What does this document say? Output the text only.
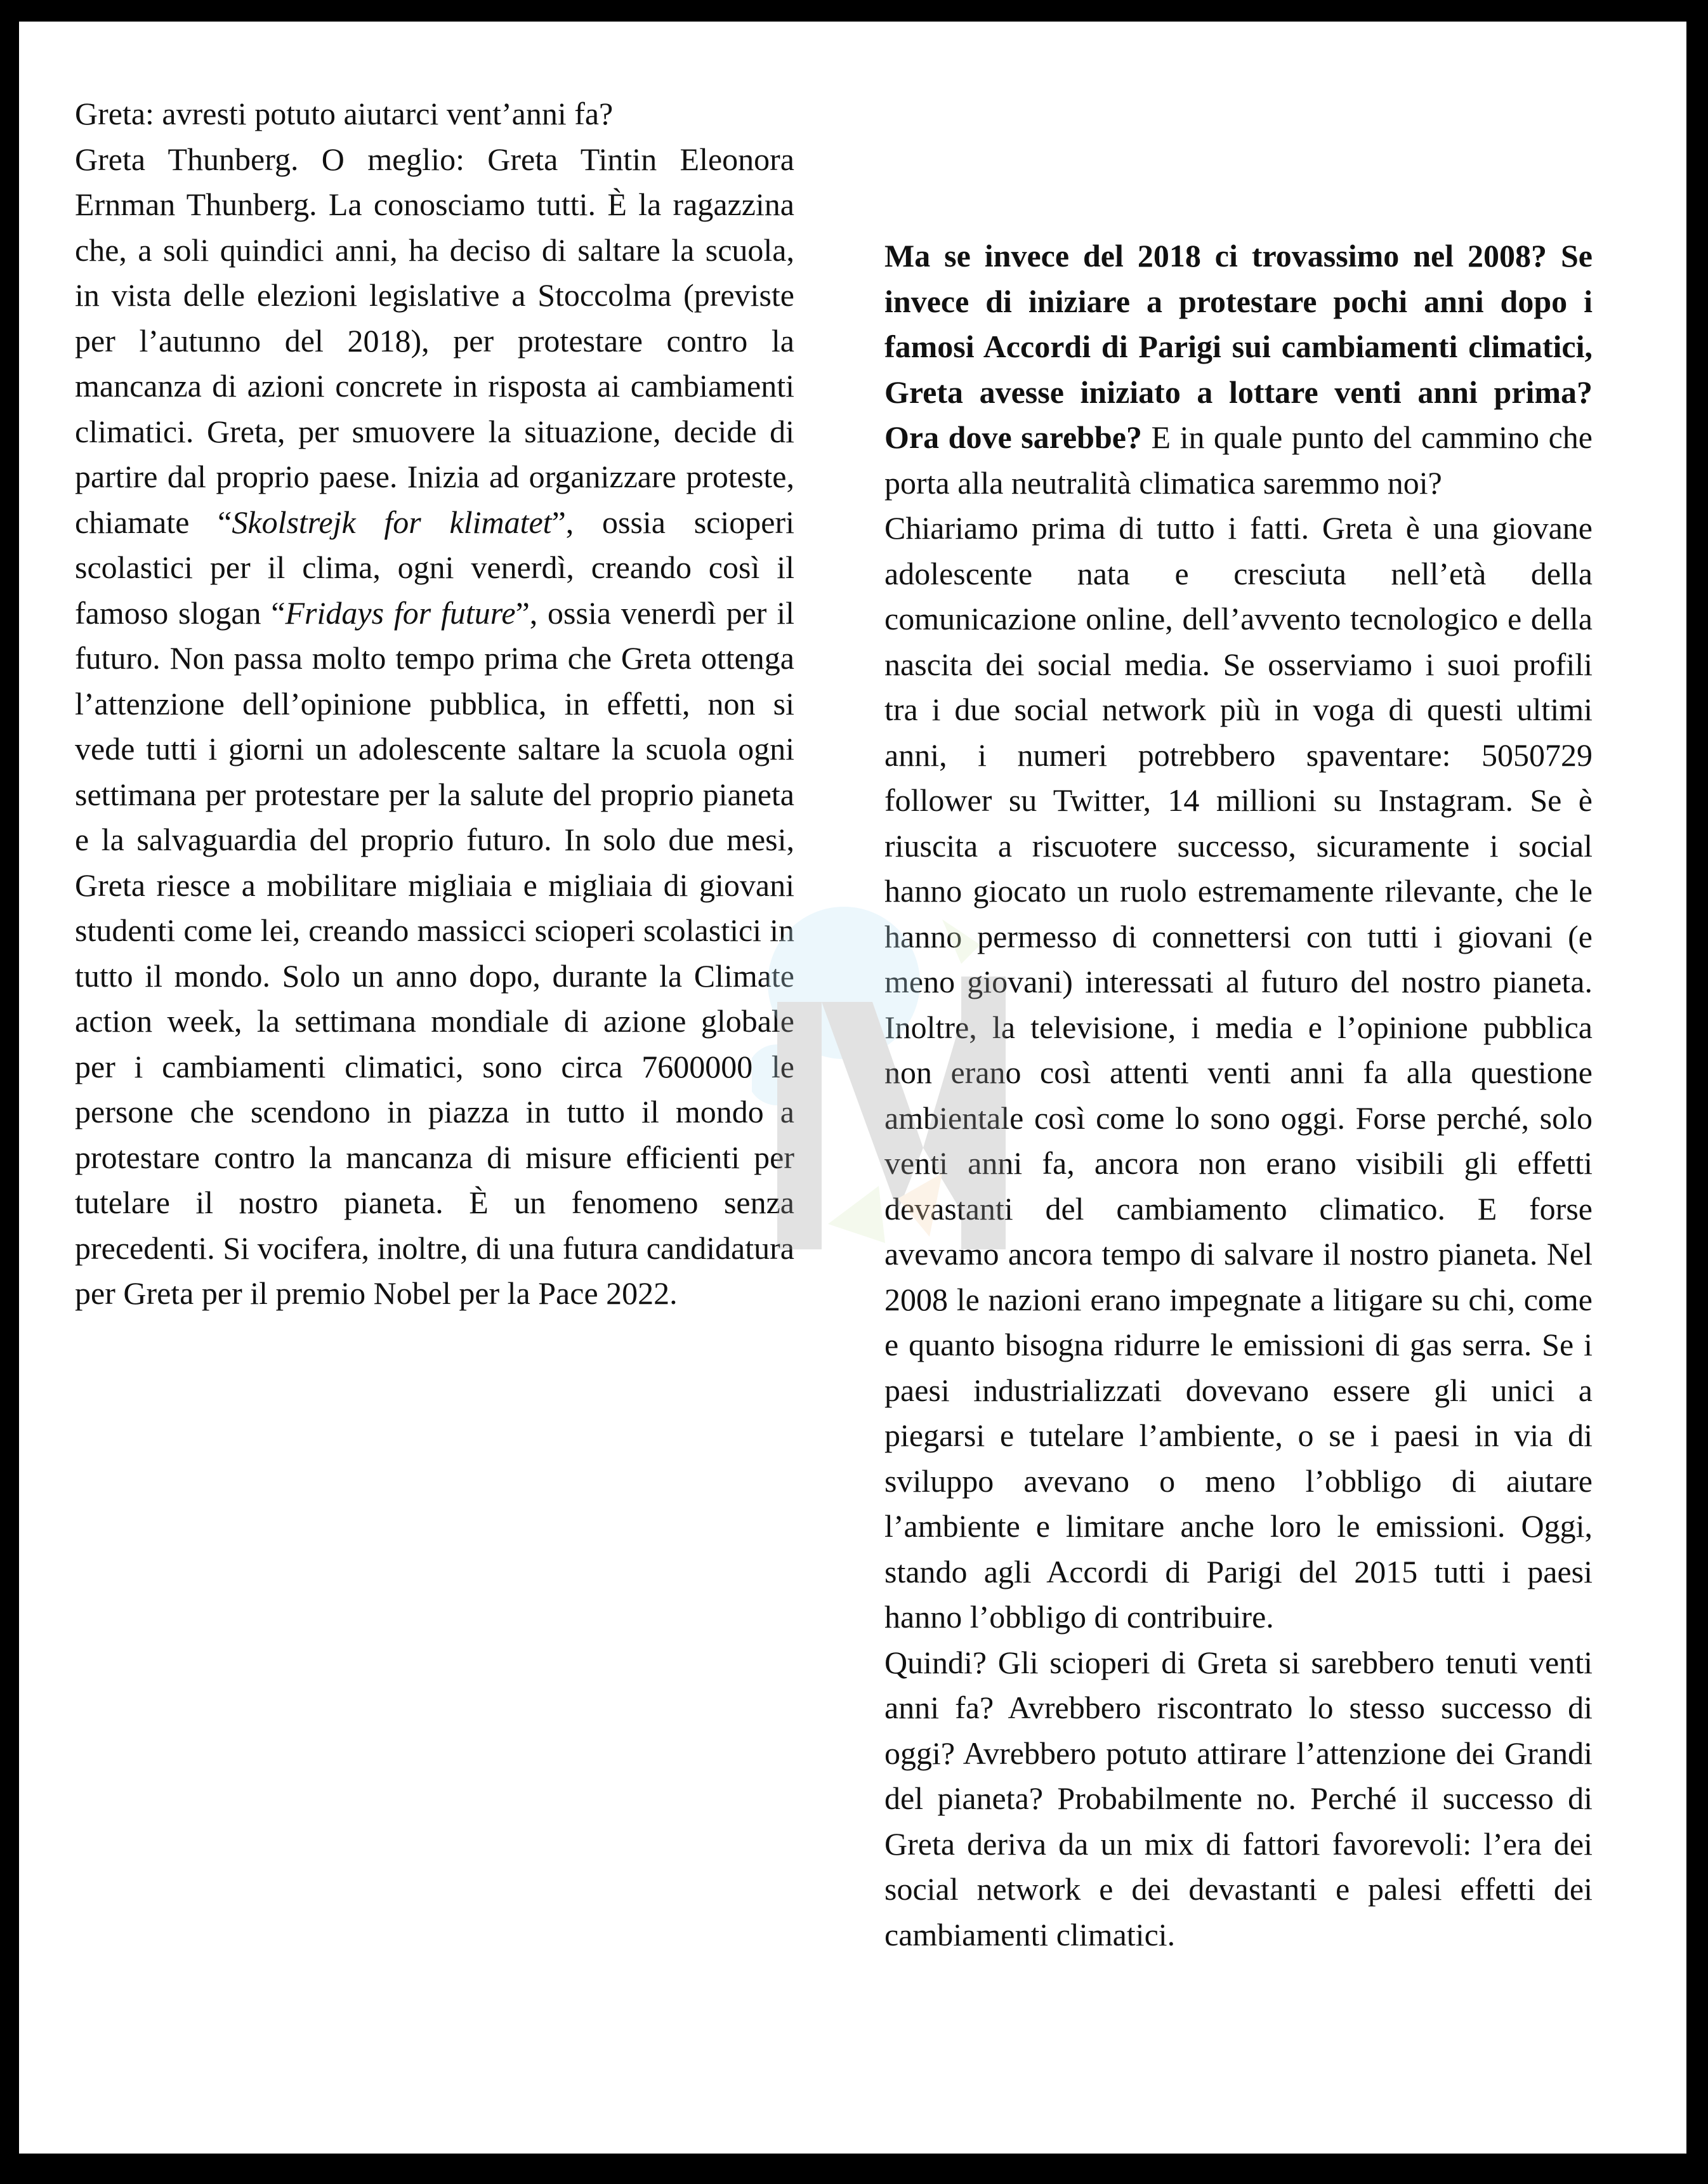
Greta: avresti potuto aiutarci vent’anni fa?

Greta Thunberg. O meglio: Greta Tintin Eleonora Ernman Thunberg. La conosciamo tutti. È la ragazzina che, a soli quindici anni, ha deciso di saltare la scuola, in vista delle elezioni legislative a Stoccolma (previste per l’autunno del 2018), per protestare contro la mancanza di azioni concrete in risposta ai cambiamenti climatici. Greta, per smuovere la situazione, decide di partire dal proprio paese. Inizia ad organizzare proteste, chiamate “Skolstrejk for klimatet”, ossia scioperi scolastici per il clima, ogni venerdì, creando così il famoso slogan “Fridays for future”, ossia venerdì per il futuro. Non passa molto tempo prima che Greta ottenga l’attenzione dell’opinione pubblica, in effetti, non si vede tutti i giorni un adolescente saltare la scuola ogni settimana per protestare per la salute del proprio pianeta e la salvaguardia del proprio futuro. In solo due mesi, Greta riesce a mobilitare migliaia e migliaia di giovani studenti come lei, creando massicci scioperi scolastici in tutto il mondo. Solo un anno dopo, durante la Climate action week, la settimana mondiale di azione globale per i cambiamenti climatici, sono circa 7600000 le persone che scendono in piazza in tutto il mondo a protestare contro la mancanza di misure efficienti per tutelare il nostro pianeta. È un fenomeno senza precedenti. Si vocifera, inoltre, di una futura candidatura per Greta per il premio Nobel per la Pace 2022.

Ma se invece del 2018 ci trovassimo nel 2008? Se invece di iniziare a protestare pochi anni dopo i famosi Accordi di Parigi sui cambiamenti climatici, Greta avesse iniziato a lottare venti anni prima? Ora dove sarebbe? E in quale punto del cammino che porta alla neutralità climatica saremmo noi?

Chiariamo prima di tutto i fatti. Greta è una giovane adolescente nata e cresciuta nell’età della comunicazione online, dell’avvento tecnologico e della nascita dei social media. Se osserviamo i suoi profili tra i due social network più in voga di questi ultimi anni, i numeri potrebbero spaventare: 5050729 follower su Twitter, 14 millioni su Instagram. Se è riuscita a riscuotere successo, sicuramente i social hanno giocato un ruolo estremamente rilevante, che le hanno permesso di connettersi con tutti i giovani (e meno giovani) interessati al futuro del nostro pianeta. Inoltre, la televisione, i media e l’opinione pubblica non erano così attenti venti anni fa alla questione ambientale così come lo sono oggi. Forse perché, solo venti anni fa, ancora non erano visibili gli effetti devastanti del cambiamento climatico. E forse avevamo ancora tempo di salvare il nostro pianeta. Nel 2008 le nazioni erano impegnate a litigare su chi, come e quanto bisogna ridurre le emissioni di gas serra. Se i paesi industrializzati dovevano essere gli unici a piegarsi e tutelare l’ambiente, o se i paesi in via di sviluppo avevano o meno l’obbligo di aiutare l’ambiente e limitare anche loro le emissioni. Oggi, stando agli Accordi di Parigi del 2015 tutti i paesi hanno l’obbligo di contribuire.

Quindi? Gli scioperi di Greta si sarebbero tenuti venti anni fa? Avrebbero riscontrato lo stesso successo di oggi? Avrebbero potuto attirare l’attenzione dei Grandi del pianeta? Probabilmente no. Perché il successo di Greta deriva da un mix di fattori favorevoli: l’era dei social network e dei devastanti e palesi effetti dei cambiamenti climatici.
